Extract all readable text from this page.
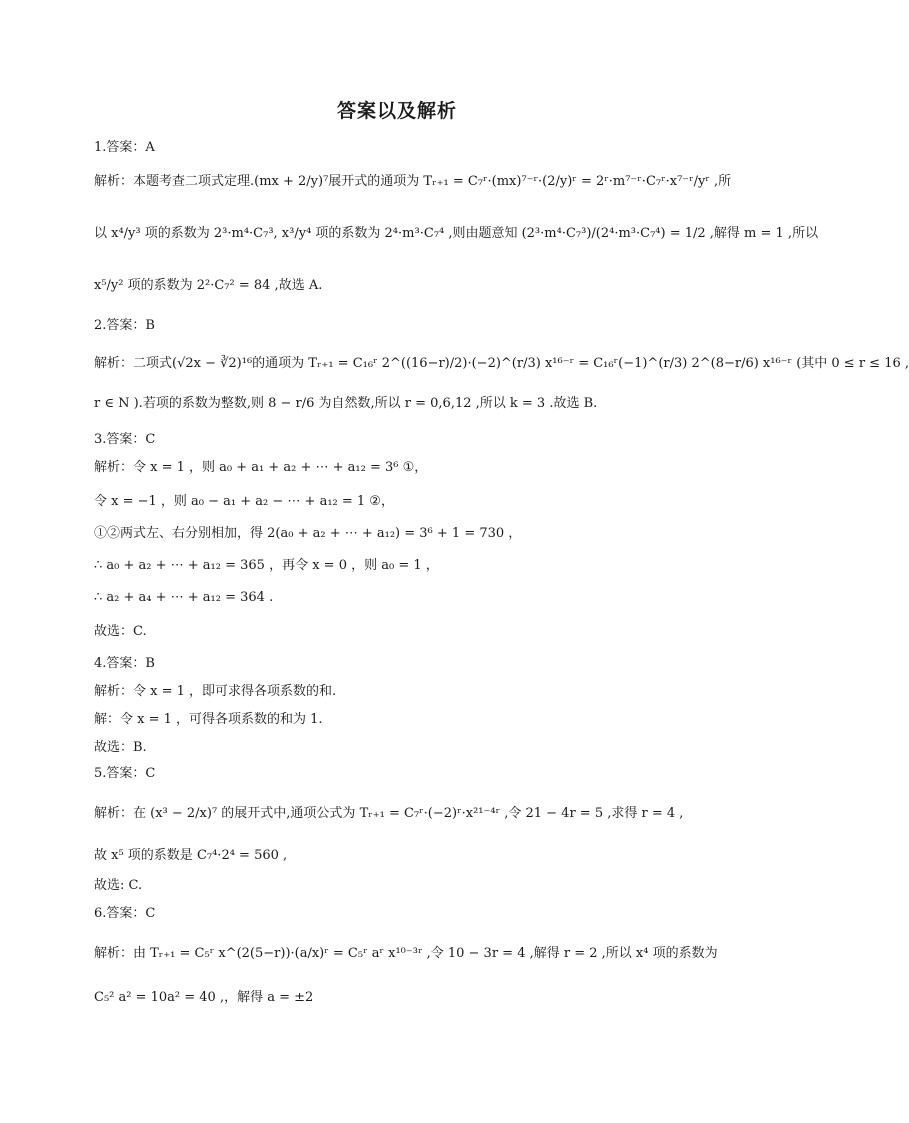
答案以及解析
1.答案：A
解析：本题考查二项式定理.(mx + 2/y)⁷展开式的通项为 Tᵣ₊₁ = C₇ʳ·(mx)⁷⁻ʳ·(2/y)ʳ = 2ʳ·m⁷⁻ʳ·C₇ʳ·x⁷⁻ʳ/yʳ ,所
以 x⁴/y³ 项的系数为 2³·m⁴·C₇³, x³/y⁴ 项的系数为 2⁴·m³·C₇⁴ ,则由题意知 (2³·m⁴·C₇³)/(2⁴·m³·C₇⁴) = 1/2 ,解得 m = 1 ,所以
x⁵/y² 项的系数为 2²·C₇² = 84 ,故选 A.
2.答案：B
解析：二项式(√2x − ∛2)¹⁶的通项为 Tᵣ₊₁ = C₁₆ʳ 2^((16−r)/2)·(−2)^(r/3) x¹⁶⁻ʳ = C₁₆ʳ(−1)^(r/3) 2^(8−r/6) x¹⁶⁻ʳ (其中 0 ≤ r ≤ 16 ,
r ∈ N ).若项的系数为整数,则 8 − r/6 为自然数,所以 r = 0,6,12 ,所以 k = 3 .故选 B.
3.答案：C
解析：令 x = 1 ，则 a₀ + a₁ + a₂ + ⋯ + a₁₂ = 3⁶ ①，
令 x = −1 ，则 a₀ − a₁ + a₂ − ⋯ + a₁₂ = 1 ②，
①②两式左、右分别相加，得 2(a₀ + a₂ + ⋯ + a₁₂) = 3⁶ + 1 = 730 ，
∴ a₀ + a₂ + ⋯ + a₁₂ = 365 ，再令 x = 0 ，则 a₀ = 1 ，
∴ a₂ + a₄ + ⋯ + a₁₂ = 364 .
故选：C.
4.答案：B
解析：令 x = 1 ，即可求得各项系数的和.
解：令 x = 1 ，可得各项系数的和为 1.
故选：B.
5.答案：C
解析：在 (x³ − 2/x)⁷ 的展开式中,通项公式为 Tᵣ₊₁ = C₇ʳ·(−2)ʳ·x²¹⁻⁴ʳ ,令 21 − 4r = 5 ,求得 r = 4 ,
故 x⁵ 项的系数是 C₇⁴·2⁴ = 560 ,
故选: C.
6.答案：C
解析：由 Tᵣ₊₁ = C₅ʳ x^(2(5−r))·(a/x)ʳ = C₅ʳ aʳ x¹⁰⁻³ʳ ,令 10 − 3r = 4 ,解得 r = 2 ,所以 x⁴ 项的系数为
C₅² a² = 10a² = 40 ,，解得 a = ±2
